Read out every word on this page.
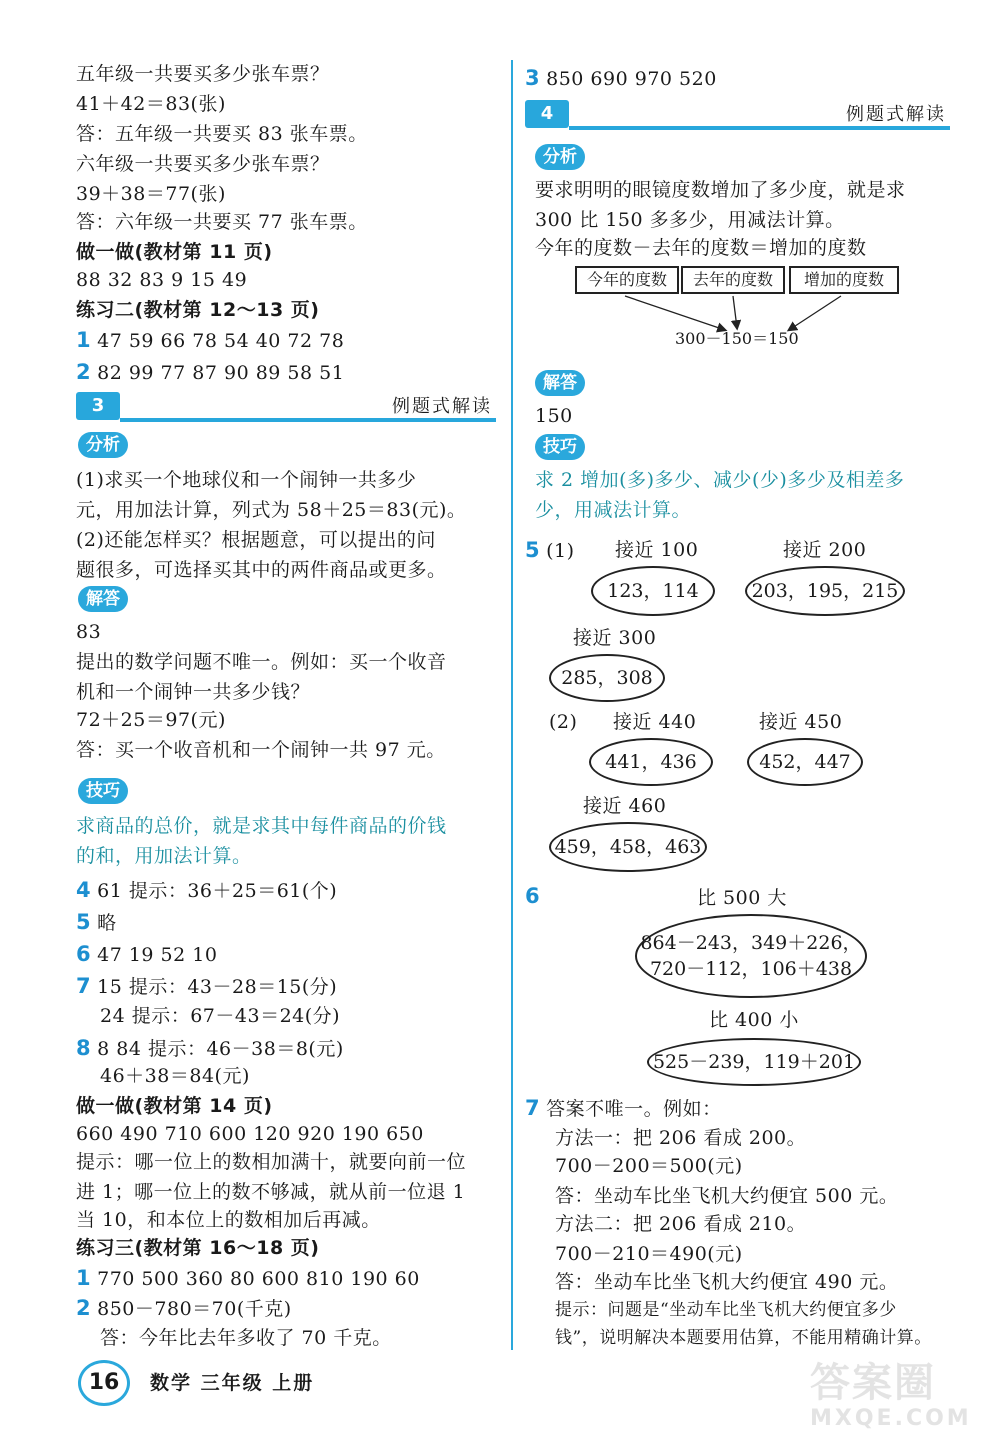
五年级一共要买多少张车票？
41＋42＝83(张)
答：五年级一共要买 83 张车票。
六年级一共要买多少张车票？
39＋38＝77(张)
答：六年级一共要买 77 张车票。
做一做(教材第 11 页)
88 32 83 9 15 49
练习二(教材第 12～13 页)
1 47 59 66 78 54 40 72 78
2 82 99 77 87 90 89 58 51
3	例题式解读
分析
(1)求买一个地球仪和一个闹钟一共多少
元，用加法计算，列式为 58＋25＝83(元)。
(2)还能怎样买？根据题意，可以提出的问
题很多，可选择买其中的两件商品或更多。
解答
83
提出的数学问题不唯一。例如：买一个收音
机和一个闹钟一共多少钱？
72＋25＝97(元)
答：买一个收音机和一个闹钟一共 97 元。
技巧
求商品的总价，就是求其中每件商品的价钱
的和，用加法计算。
4 61 提示：36＋25＝61(个)
5 略
6 47 19 52 10
7 15 提示：43－28＝15(分)
24 提示：67－43＝24(分)
8 8 84 提示：46－38＝8(元)
46＋38＝84(元)
做一做(教材第 14 页)
660 490 710 600 120 920 190 650
提示：哪一位上的数相加满十，就要向前一位
进 1；哪一位上的数不够减，就从前一位退 1
当 10，和本位上的数相加后再减。
练习三(教材第 16～18 页)
1 770 500 360 80 600 810 190 60
2 850－780＝70(千克)
答：今年比去年多收了 70 千克。
3 850 690 970 520
4	例题式解读
分析
要求明明的眼镜度数增加了多少度，就是求
300 比 150 多多少，用减法计算。
今年的度数－去年的度数＝增加的度数
今年的度数	去年的度数	增加的度数
300－150＝150
解答
150
技巧
求 2 增加(多)多少、减少(少)多少及相差多
少，用减法计算。
5 (1) 接近 100	接近 200
123，114	203，195，215
接近 300
285，308
(2) 接近 440	接近 450
441，436	452，447
接近 460
459，458，463
6	比 500 大
864－243，349＋226，
720－112，106＋438
比 400 小
525－239，119＋201
7 答案不唯一。例如：
方法一：把 206 看成 200。
700－200＝500(元)
答：坐动车比坐飞机大约便宜 500 元。
方法二：把 206 看成 210。
700－210＝490(元)
答：坐动车比坐飞机大约便宜 490 元。
提示：问题是“坐动车比坐飞机大约便宜多少
钱”，说明解决本题要用估算，不能用精确计算。
16	数学 三年级 上册	答案圈
MXQE.COM
